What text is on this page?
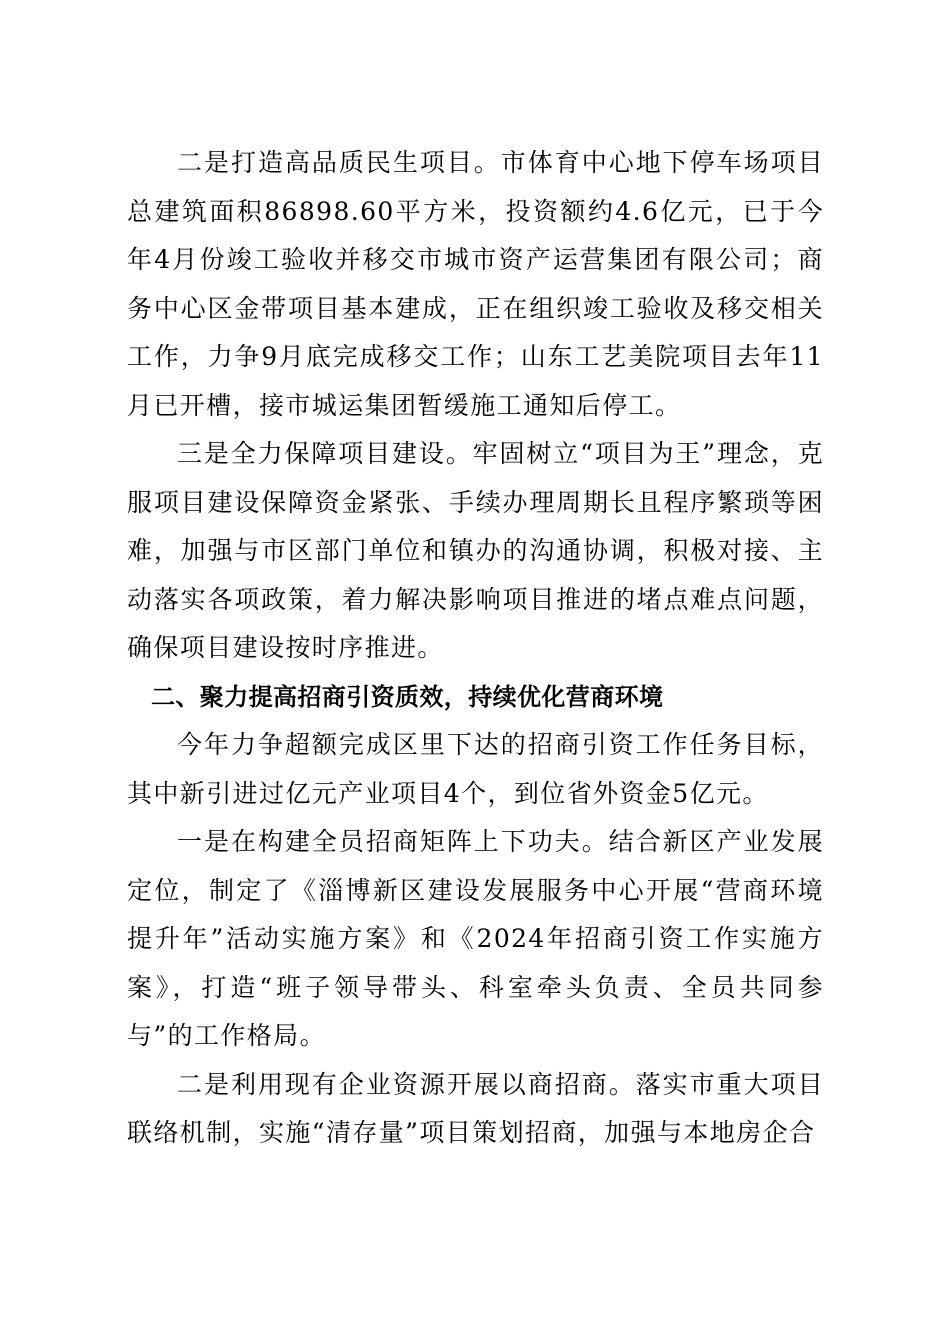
二是打造高品质民生项目。市体育中心地下停车场项目总建筑面积86898.60平方米，投资额约4.6亿元，已于今年4月份竣工验收并移交市城市资产运营集团有限公司；商务中心区金带项目基本建成，正在组织竣工验收及移交相关工作，力争9月底完成移交工作；山东工艺美院项目去年11月已开槽，接市城运集团暂缓施工通知后停工。

三是全力保障项目建设。牢固树立“项目为王”理念，克服项目建设保障资金紧张、手续办理周期长且程序繁琐等困难，加强与市区部门单位和镇办的沟通协调，积极对接、主动落实各项政策，着力解决影响项目推进的堵点难点问题，确保项目建设按时序推进。

二、聚力提高招商引资质效，持续优化营商环境

今年力争超额完成区里下达的招商引资工作任务目标，其中新引进过亿元产业项目4个，到位省外资金5亿元。

一是在构建全员招商矩阵上下功夫。结合新区产业发展定位，制定了《淄博新区建设发展服务中心开展“营商环境提升年”活动实施方案》和《2024年招商引资工作实施方案》，打造“班子领导带头、科室牵头负责、全员共同参与”的工作格局。

二是利用现有企业资源开展以商招商。落实市重大项目联络机制，实施“清存量”项目策划招商，加强与本地房企合
